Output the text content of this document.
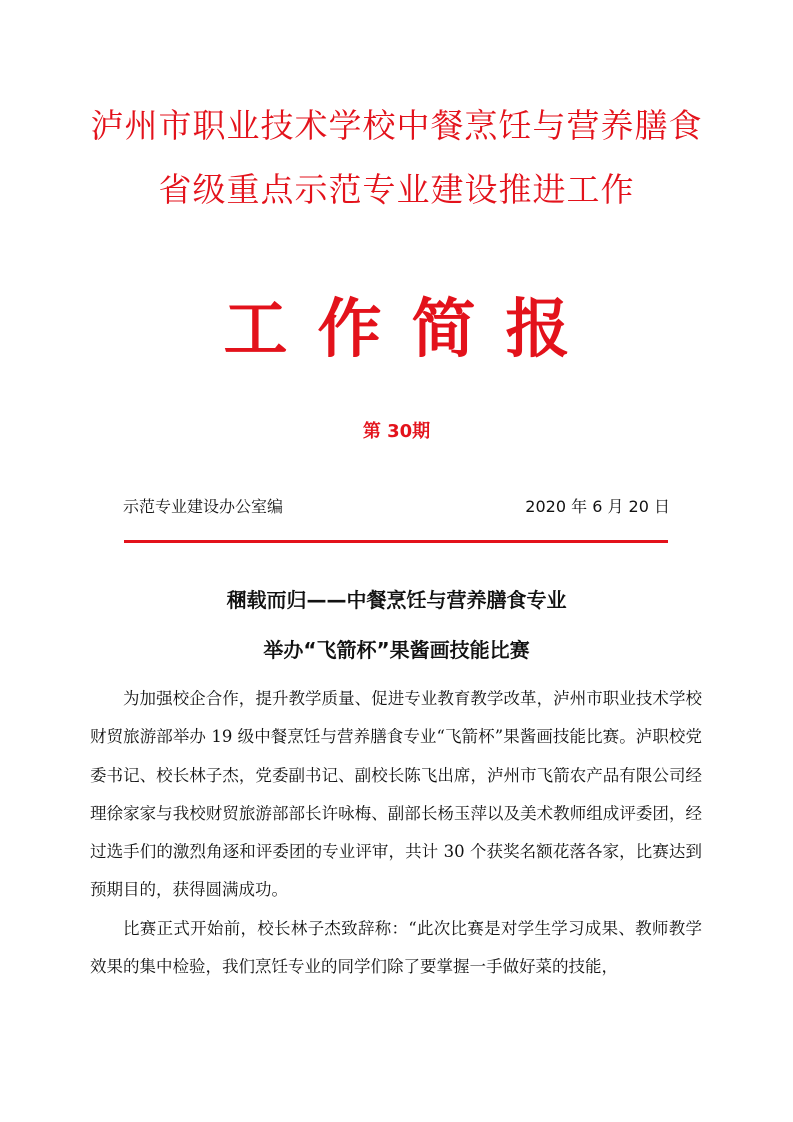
泸州市职业技术学校中餐烹饪与营养膳食
省级重点示范专业建设推进工作
工作简报
第 30期
示范专业建设办公室编	2020 年 6 月 20 日
稛载而归——中餐烹饪与营养膳食专业
举办“飞箭杯”果酱画技能比赛

为加强校企合作，提升教学质量、促进专业教育教学改革，泸州市职业技术学校财贸旅游部举办 19 级中餐烹饪与营养膳食专业“飞箭杯”果酱画技能比赛。泸职校党委书记、校长林子杰，党委副书记、副校长陈飞出席，泸州市飞箭农产品有限公司经理徐家家与我校财贸旅游部部长许咏梅、副部长杨玉萍以及美术教师组成评委团，经过选手们的激烈角逐和评委团的专业评审，共计 30 个获奖名额花落各家，比赛达到预期目的，获得圆满成功。

比赛正式开始前，校长林子杰致辞称：“此次比赛是对学生学习成果、教师教学效果的集中检验，我们烹饪专业的同学们除了要掌握一手做好菜的技能，
